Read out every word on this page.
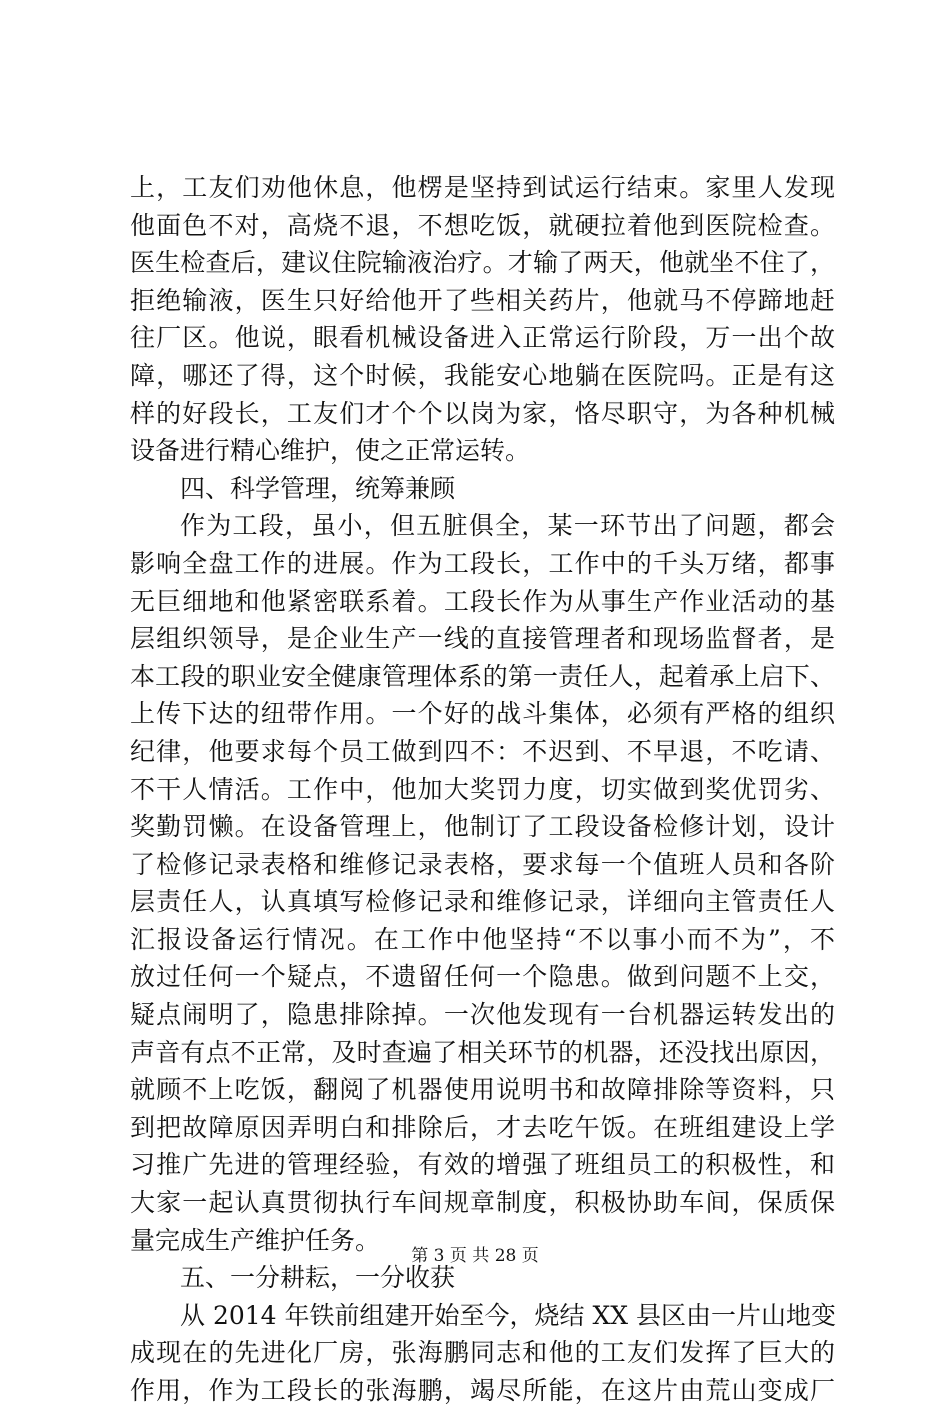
上，工友们劝他休息，他楞是坚持到试运行结束。家里人发现
他面色不对，高烧不退，不想吃饭，就硬拉着他到医院检查。
医生检查后，建议住院输液治疗。才输了两天，他就坐不住了，
拒绝输液，医生只好给他开了些相关药片，他就马不停蹄地赶
往厂区。他说，眼看机械设备进入正常运行阶段，万一出个故
障，哪还了得，这个时候，我能安心地躺在医院吗。正是有这
样的好段长，工友们才个个以岗为家，恪尽职守，为各种机械
设备进行精心维护，使之正常运转。
四、科学管理，统筹兼顾
作为工段，虽小，但五脏俱全，某一环节出了问题，都会
影响全盘工作的进展。作为工段长，工作中的千头万绪，都事
无巨细地和他紧密联系着。工段长作为从事生产作业活动的基
层组织领导，是企业生产一线的直接管理者和现场监督者，是
本工段的职业安全健康管理体系的第一责任人，起着承上启下、
上传下达的纽带作用。一个好的战斗集体，必须有严格的组织
纪律，他要求每个员工做到四不：不迟到、不早退，不吃请、
不干人情活。工作中，他加大奖罚力度，切实做到奖优罚劣、
奖勤罚懒。在设备管理上，他制订了工段设备检修计划，设计
了检修记录表格和维修记录表格，要求每一个值班人员和各阶
层责任人，认真填写检修记录和维修记录，详细向主管责任人
汇报设备运行情况。在工作中他坚持“不以事小而不为”，不
放过任何一个疑点，不遗留任何一个隐患。做到问题不上交，
疑点闹明了，隐患排除掉。一次他发现有一台机器运转发出的
声音有点不正常，及时查遍了相关环节的机器，还没找出原因，
就顾不上吃饭，翻阅了机器使用说明书和故障排除等资料，只
到把故障原因弄明白和排除后，才去吃午饭。在班组建设上学
习推广先进的管理经验，有效的增强了班组员工的积极性，和
大家一起认真贯彻执行车间规章制度，积极协助车间，保质保
量完成生产维护任务。
五、一分耕耘，一分收获
从 2014 年铁前组建开始至今，烧结 XX 县区由一片山地变
成现在的先进化厂房，张海鹏同志和他的工友们发挥了巨大的
作用，作为工段长的张海鹏，竭尽所能，在这片由荒山变成厂
第 3 页 共 28 页
